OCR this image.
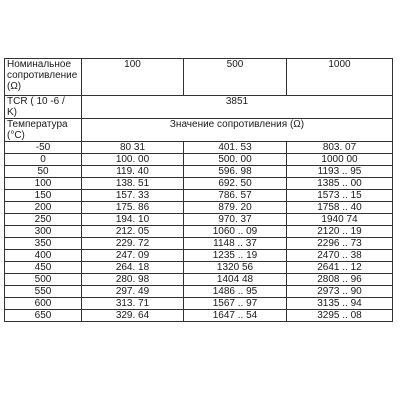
Номинальное
сопротивление
(Ω)	100	500	1000

TCR ( 10 -6 /
K)	3851		

Температура
(°C)	Значение сопротивления (Ω)		
-50	80 31	401. 53	803. 07
0	100. 00	500. 00	1000 00
50	119. 40	596. 98	1193 .. 95
100	138. 51	692. 50	1385 .. 00
150	157. 33	786. 57	1573 .. 15
200	175. 86	879. 20	1758 .. 40
250	194. 10	970. 37	1940 74
300	212. 05	1060 .. 09	2120 .. 19
350	229. 72	1148 .. 37	2296 .. 73
400	247. 09	1235 .. 19	2470 .. 38
450	264. 18	1320 56	2641 .. 12
500	280. 98	1404 48	2808 .. 96
550	297. 49	1486 .. 95	2973 .. 90
600	313. 71	1567 .. 97	3135 .. 94
650	329. 64	1647 .. 54	3295 .. 08
